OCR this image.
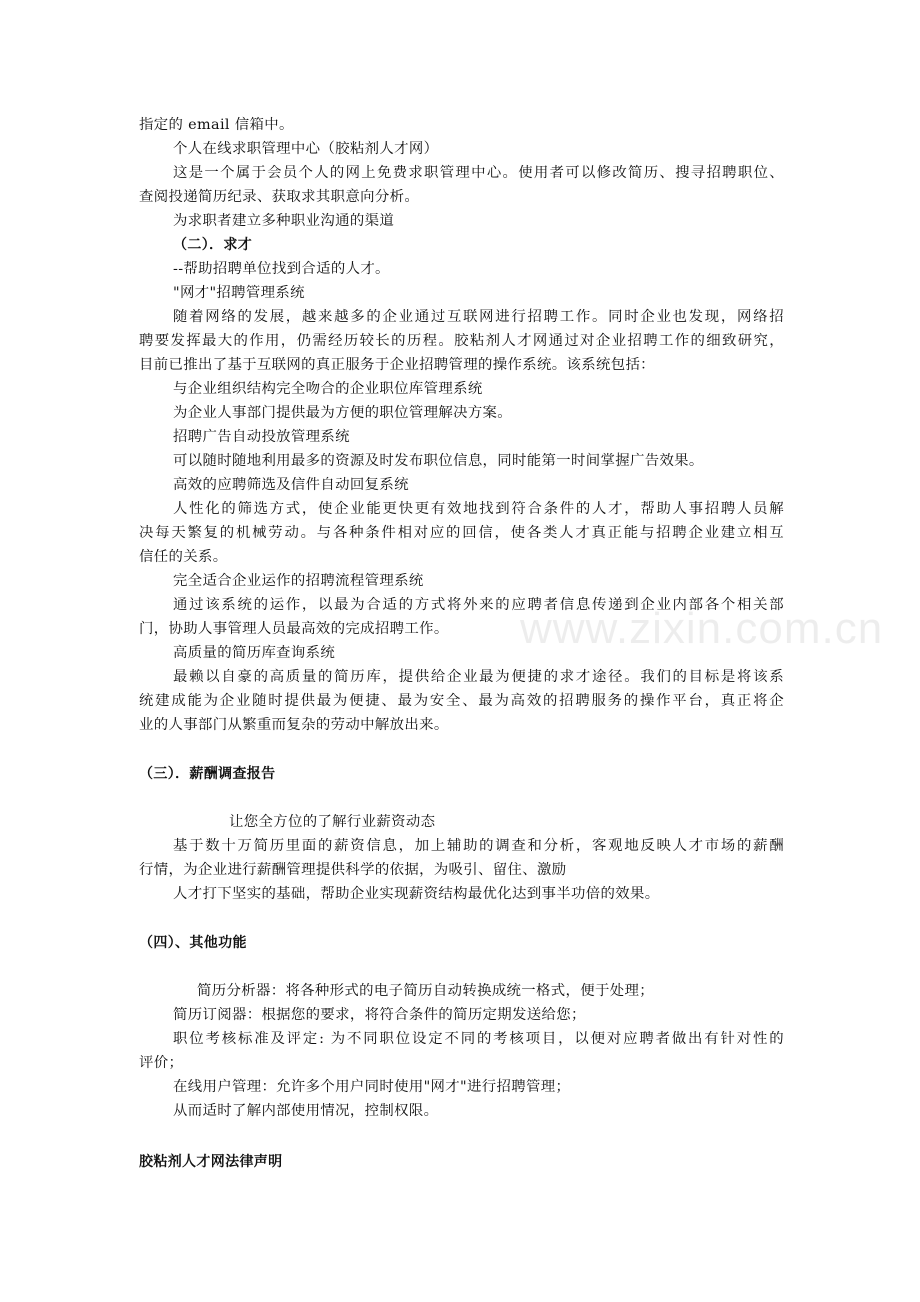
指定的 email 信箱中。
个人在线求职管理中心（胶粘剂人才网）
这是一个属于会员个人的网上免费求职管理中心。使用者可以修改简历、搜寻招聘职位、
查阅投递简历纪录、获取求其职意向分析。
为求职者建立多种职业沟通的渠道
（二）．求才
--帮助招聘单位找到合适的人才。
"网才"招聘管理系统
随着网络的发展，越来越多的企业通过互联网进行招聘工作。同时企业也发现，网络招
聘要发挥最大的作用，仍需经历较长的历程。胶粘剂人才网通过对企业招聘工作的细致研究，
目前已推出了基于互联网的真正服务于企业招聘管理的操作系统。该系统包括：
与企业组织结构完全吻合的企业职位库管理系统
为企业人事部门提供最为方便的职位管理解决方案。
招聘广告自动投放管理系统
可以随时随地利用最多的资源及时发布职位信息，同时能第一时间掌握广告效果。
高效的应聘筛选及信件自动回复系统
人性化的筛选方式，使企业能更快更有效地找到符合条件的人才，帮助人事招聘人员解
决每天繁复的机械劳动。与各种条件相对应的回信，使各类人才真正能与招聘企业建立相互
信任的关系。
完全适合企业运作的招聘流程管理系统
通过该系统的运作，以最为合适的方式将外来的应聘者信息传递到企业内部各个相关部
门，协助人事管理人员最高效的完成招聘工作。
高质量的简历库查询系统
最赖以自豪的高质量的简历库，提供给企业最为便捷的求才途径。我们的目标是将该系
统建成能为企业随时提供最为便捷、最为安全、最为高效的招聘服务的操作平台，真正将企
业的人事部门从繁重而复杂的劳动中解放出来。
（三）．薪酬调查报告
让您全方位的了解行业薪资动态
基于数十万简历里面的薪资信息，加上辅助的调查和分析，客观地反映人才市场的薪酬
行情，为企业进行薪酬管理提供科学的依据，为吸引、留住、激励
人才打下坚实的基础，帮助企业实现薪资结构最优化达到事半功倍的效果。
（四）、其他功能
简历分析器：将各种形式的电子简历自动转换成统一格式，便于处理；
简历订阅器：根据您的要求，将符合条件的简历定期发送给您；
职位考核标准及评定: 为不同职位设定不同的考核项目，以便对应聘者做出有针对性的
评价；
在线用户管理：允许多个用户同时使用"网才"进行招聘管理；
从而适时了解内部使用情况，控制权限。
胶粘剂人才网法律声明
www.zixin.com.cn
